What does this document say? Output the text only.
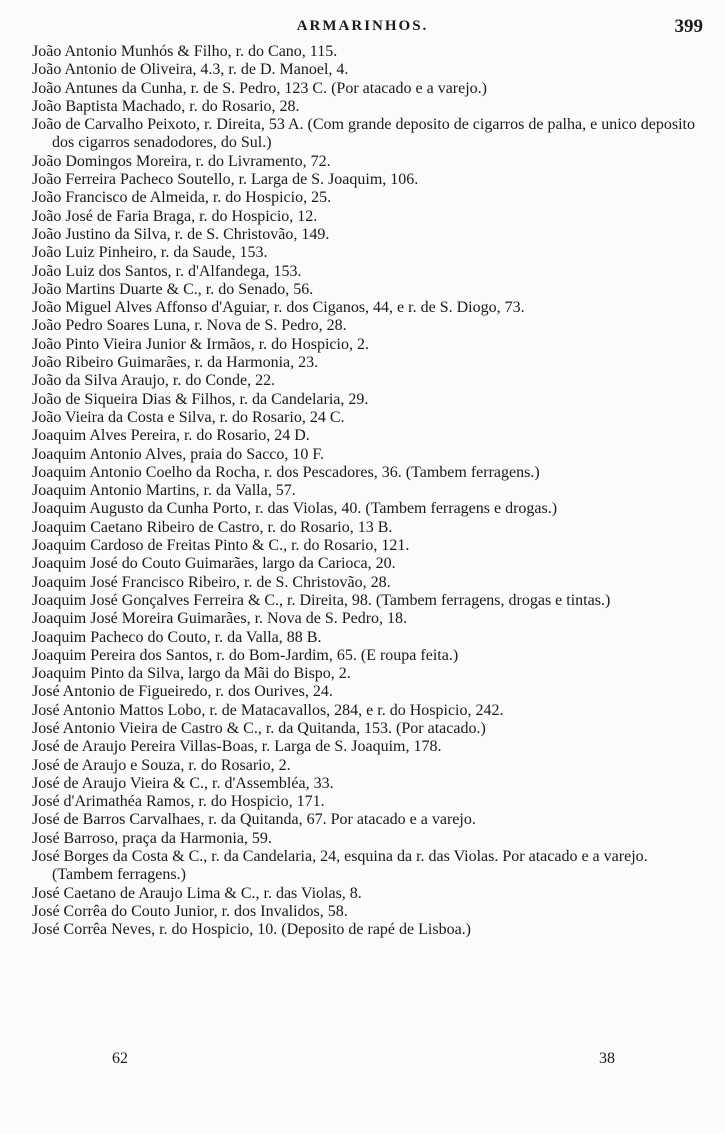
ARMARINHOS.	399
João Antonio Munhós & Filho, r. do Cano, 115.
João Antonio de Oliveira, 4.3, r. de D. Manoel, 4.
João Antunes da Cunha, r. de S. Pedro, 123 C. (Por atacado e a varejo.)
João Baptista Machado, r. do Rosario, 28.
João de Carvalho Peixoto, r. Direita, 53 A. (Com grande deposito de cigarros de palha, e unico deposito dos cigarros senadodores, do Sul.)
João Domingos Moreira, r. do Livramento, 72.
João Ferreira Pacheco Soutello, r. Larga de S. Joaquim, 106.
João Francisco de Almeida, r. do Hospicio, 25.
João José de Faria Braga, r. do Hospicio, 12.
João Justino da Silva, r. de S. Christovão, 149.
João Luiz Pinheiro, r. da Saude, 153.
João Luiz dos Santos, r. d'Alfandega, 153.
João Martins Duarte & C., r. do Senado, 56.
João Miguel Alves Affonso d'Aguiar, r. dos Ciganos, 44, e r. de S. Diogo, 73.
João Pedro Soares Luna, r. Nova de S. Pedro, 28.
João Pinto Vieira Junior & Irmãos, r. do Hospicio, 2.
João Ribeiro Guimarães, r. da Harmonia, 23.
João da Silva Araujo, r. do Conde, 22.
João de Siqueira Dias & Filhos, r. da Candelaria, 29.
João Vieira da Costa e Silva, r. do Rosario, 24 C.
Joaquim Alves Pereira, r. do Rosario, 24 D.
Joaquim Antonio Alves, praia do Sacco, 10 F.
Joaquim Antonio Coelho da Rocha, r. dos Pescadores, 36. (Tambem ferragens.)
Joaquim Antonio Martins, r. da Valla, 57.
Joaquim Augusto da Cunha Porto, r. das Violas, 40. (Tambem ferragens e drogas.)
Joaquim Caetano Ribeiro de Castro, r. do Rosario, 13 B.
Joaquim Cardoso de Freitas Pinto & C., r. do Rosario, 121.
Joaquim José do Couto Guimarães, largo da Carioca, 20.
Joaquim José Francisco Ribeiro, r. de S. Christovão, 28.
Joaquim José Gonçalves Ferreira & C., r. Direita, 98. (Tambem ferragens, drogas e tintas.)
Joaquim José Moreira Guimarães, r. Nova de S. Pedro, 18.
Joaquim Pacheco do Couto, r. da Valla, 88 B.
Joaquim Pereira dos Santos, r. do Bom-Jardim, 65. (E roupa feita.)
Joaquim Pinto da Silva, largo da Mãi do Bispo, 2.
José Antonio de Figueiredo, r. dos Ourives, 24.
José Antonio Mattos Lobo, r. de Matacavallos, 284, e r. do Hospicio, 242.
José Antonio Vieira de Castro & C., r. da Quitanda, 153. (Por atacado.)
José de Araujo Pereira Villas-Boas, r. Larga de S. Joaquim, 178.
José de Araujo e Souza, r. do Rosario, 2.
José de Araujo Vieira & C., r. d'Assembléa, 33.
José d'Arimathéa Ramos, r. do Hospicio, 171.
José de Barros Carvalhaes, r. da Quitanda, 67. Por atacado e a varejo.
José Barroso, praça da Harmonia, 59.
José Borges da Costa & C., r. da Candelaria, 24, esquina da r. das Violas. Por atacado e a varejo. (Tambem ferragens.)
José Caetano de Araujo Lima & C., r. das Violas, 8.
José Corrêa do Couto Junior, r. dos Invalidos, 58.
José Corrêa Neves, r. do Hospicio, 10. (Deposito de rapé de Lisboa.)
62	38
